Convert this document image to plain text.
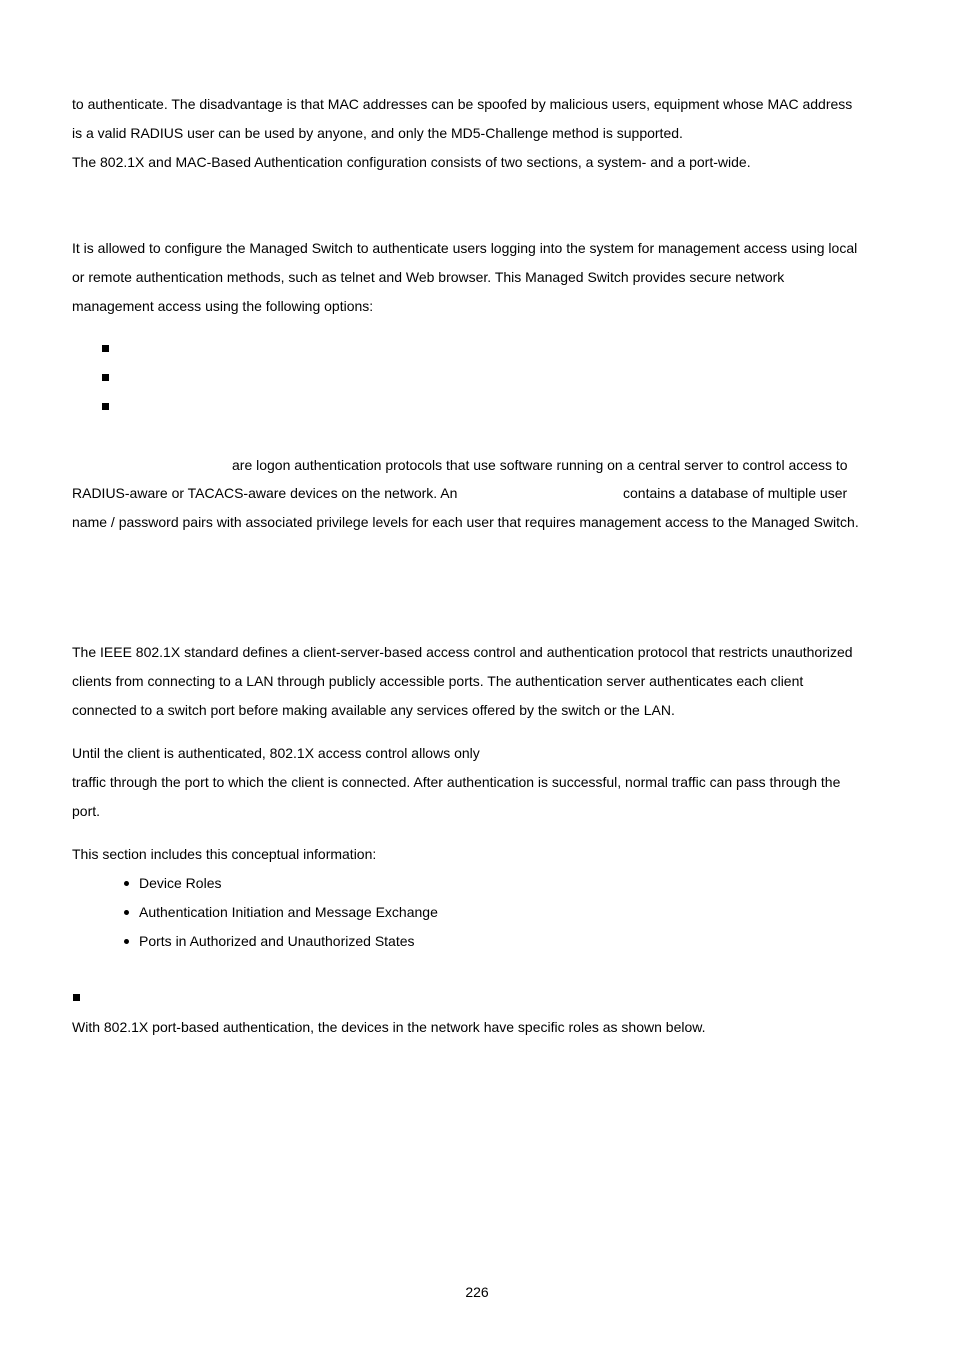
to authenticate. The disadvantage is that MAC addresses can be spoofed by malicious users, equipment whose MAC address
is a valid RADIUS user can be used by anyone, and only the MD5-Challenge method is supported.
The 802.1X and MAC-Based Authentication configuration consists of two sections, a system- and a port-wide.
It is allowed to configure the Managed Switch to authenticate users logging into the system for management access using local
or remote authentication methods, such as telnet and Web browser. This Managed Switch provides secure network
management access using the following options:
are logon authentication protocols that use software running on a central server to control access to
RADIUS-aware or TACACS-aware devices on the network. An	contains a database of multiple user
name / password pairs with associated privilege levels for each user that requires management access to the Managed Switch.
The IEEE 802.1X standard defines a client-server-based access control and authentication protocol that restricts unauthorized
clients from connecting to a LAN through publicly accessible ports. The authentication server authenticates each client
connected to a switch port before making available any services offered by the switch or the LAN.
Until the client is authenticated, 802.1X access control allows only
traffic through the port to which the client is connected. After authentication is successful, normal traffic can pass through the
port.
This section includes this conceptual information:
Device Roles
Authentication Initiation and Message Exchange
Ports in Authorized and Unauthorized States
With 802.1X port-based authentication, the devices in the network have specific roles as shown below.
226
